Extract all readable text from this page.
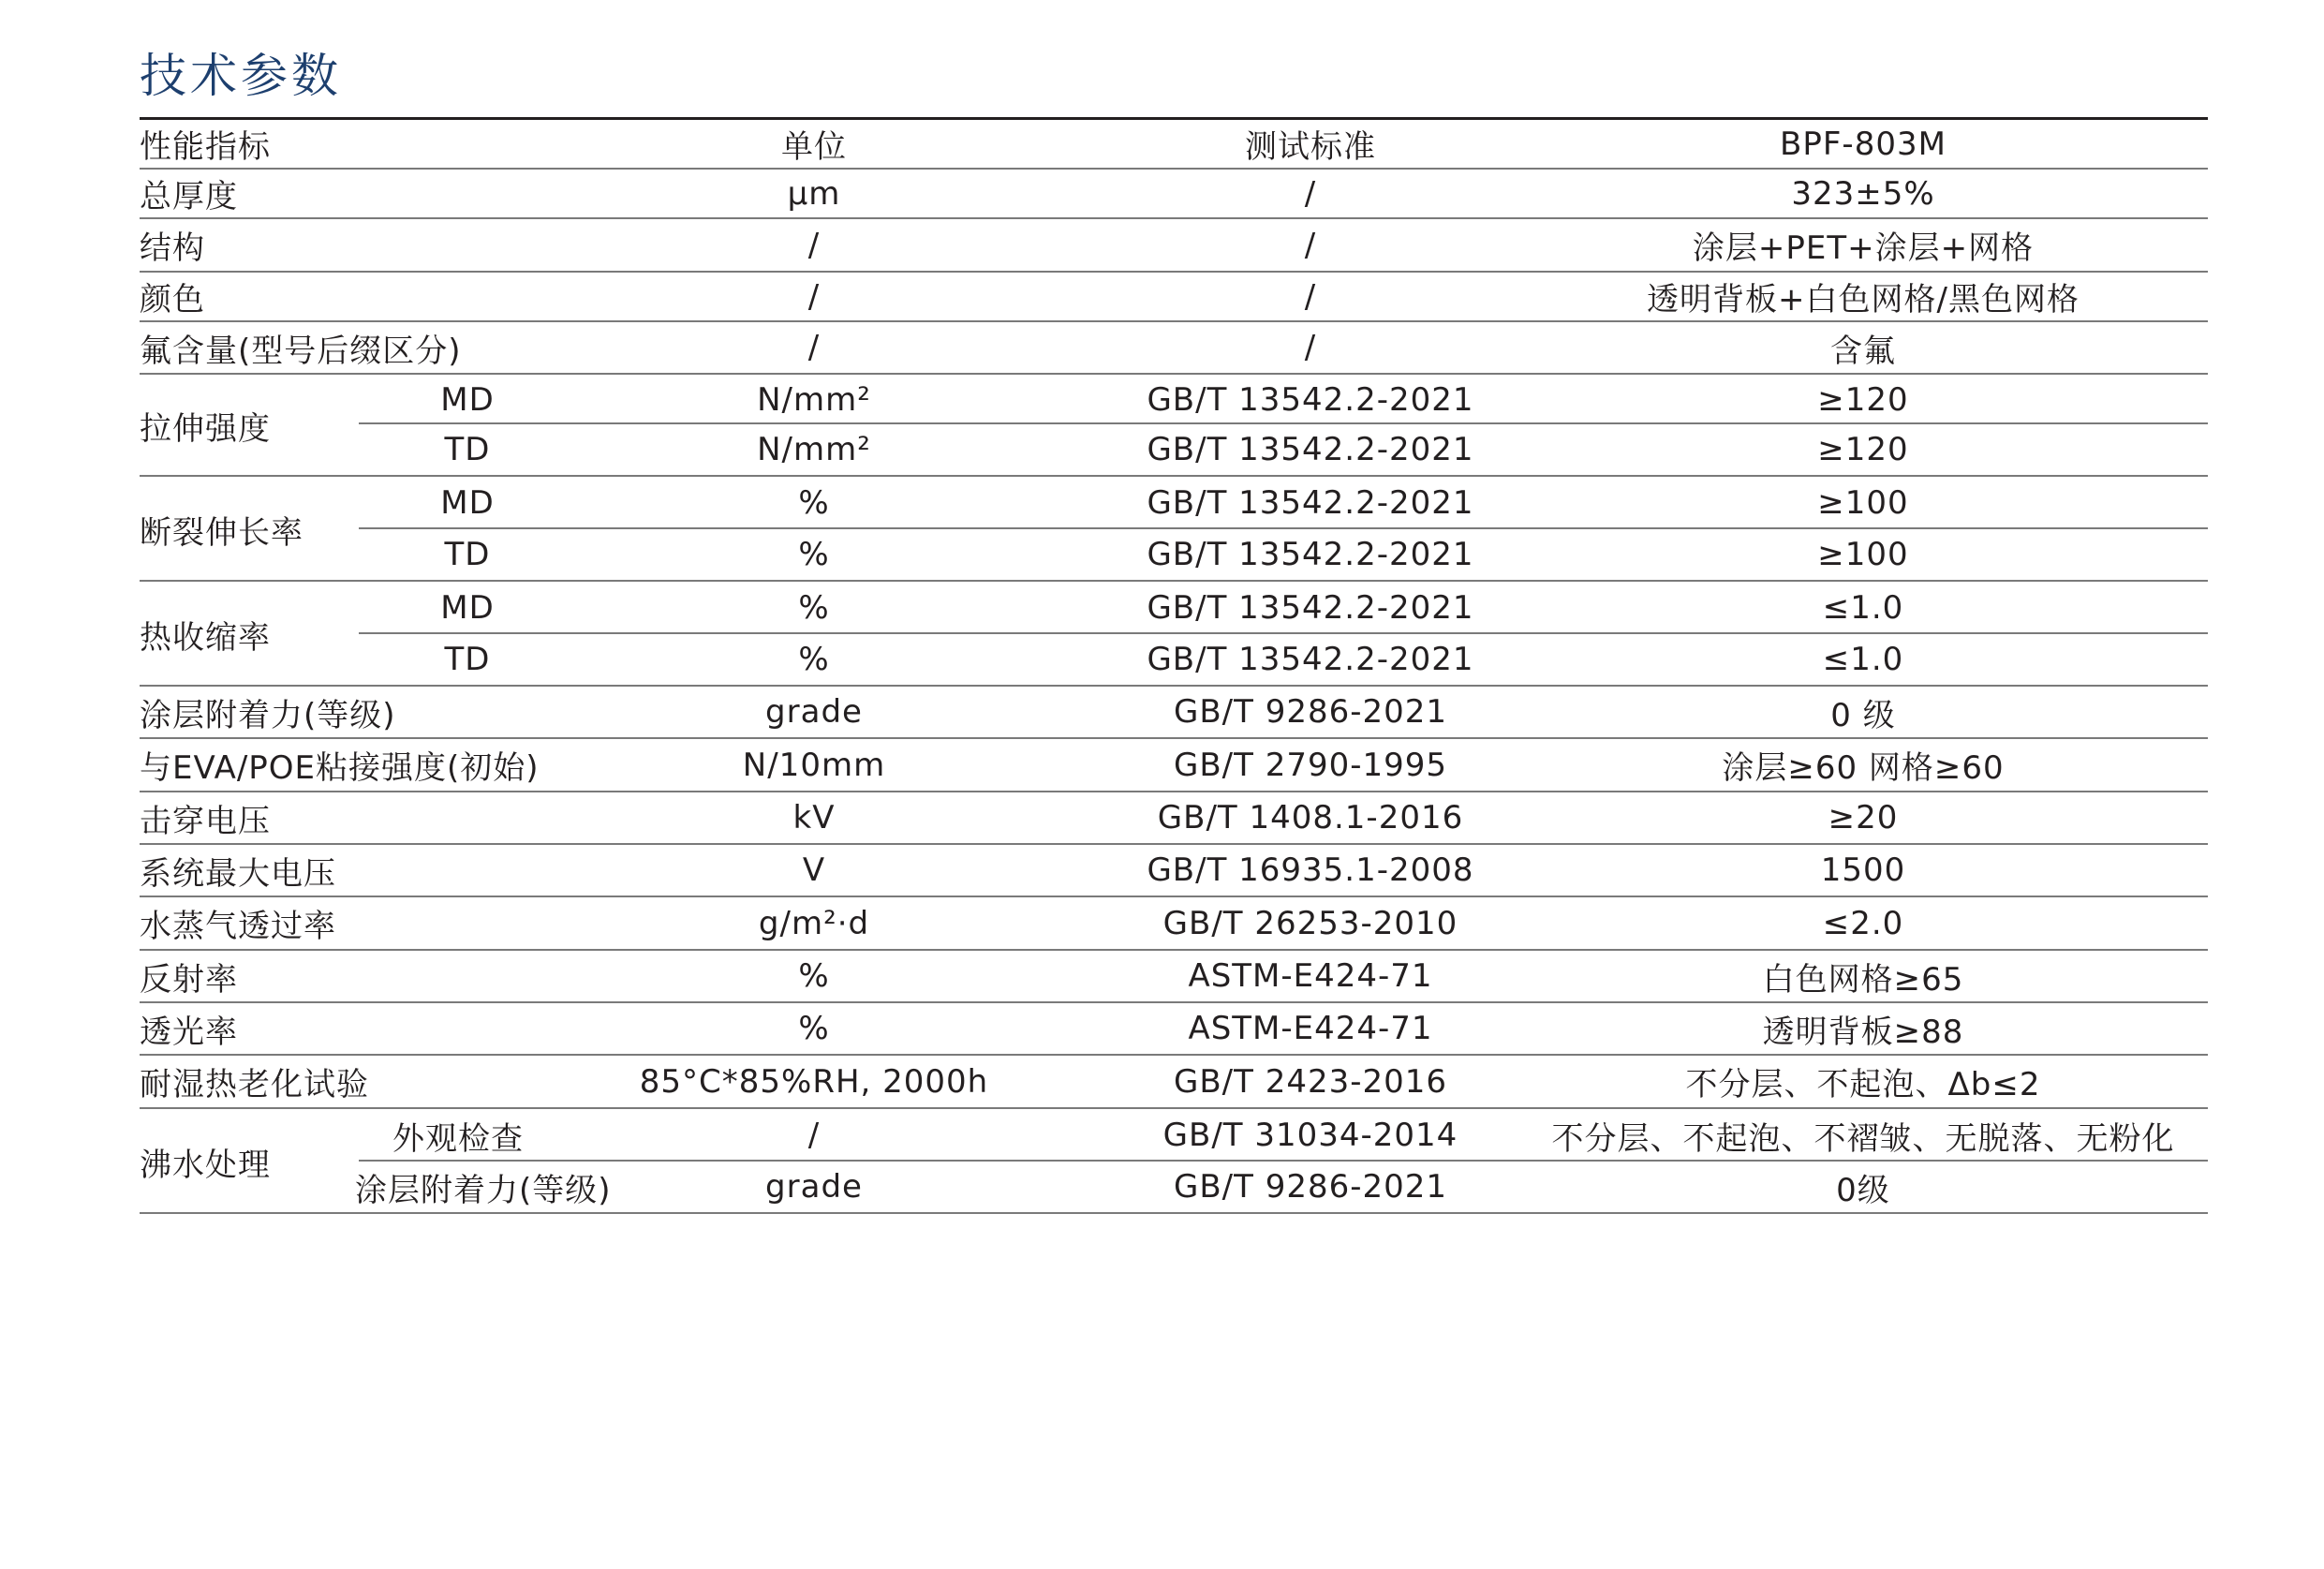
技术参数
性能指标	单位	测试标准	BPF-803M
总厚度	µm	/	323±5%
结构	/	/	涂层+PET+涂层+网格
颜色	/	/	透明背板+白色网格/黑色网格
氟含量(型号后缀区分)	/	/	含氟
拉伸强度
MD	N/mm²	GB/T 13542.2-2021	≥120
TD	N/mm²	GB/T 13542.2-2021	≥120
断裂伸长率
MD	%	GB/T 13542.2-2021	≥100
TD	%	GB/T 13542.2-2021	≥100
热收缩率
MD	%	GB/T 13542.2-2021	≤1.0
TD	%	GB/T 13542.2-2021	≤1.0
涂层附着力(等级)	grade	GB/T 9286-2021	0 级
与EVA/POE粘接强度(初始)	N/10mm	GB/T 2790-1995	涂层≥60 网格≥60
击穿电压	kV	GB/T 1408.1-2016	≥20
系统最大电压	V	GB/T 16935.1-2008	1500
水蒸气透过率	g/m²·d	GB/T 26253-2010	≤2.0
反射率	%	ASTM-E424-71	白色网格≥65
透光率	%	ASTM-E424-71	透明背板≥88
耐湿热老化试验	85°C*85%RH, 2000h	GB/T 2423-2016	不分层、不起泡、Δb≤2
沸水处理
外观检查	/	GB/T 31034-2014	不分层、不起泡、不褶皱、无脱落、无粉化
涂层附着力(等级)	grade	GB/T 9286-2021	0级
